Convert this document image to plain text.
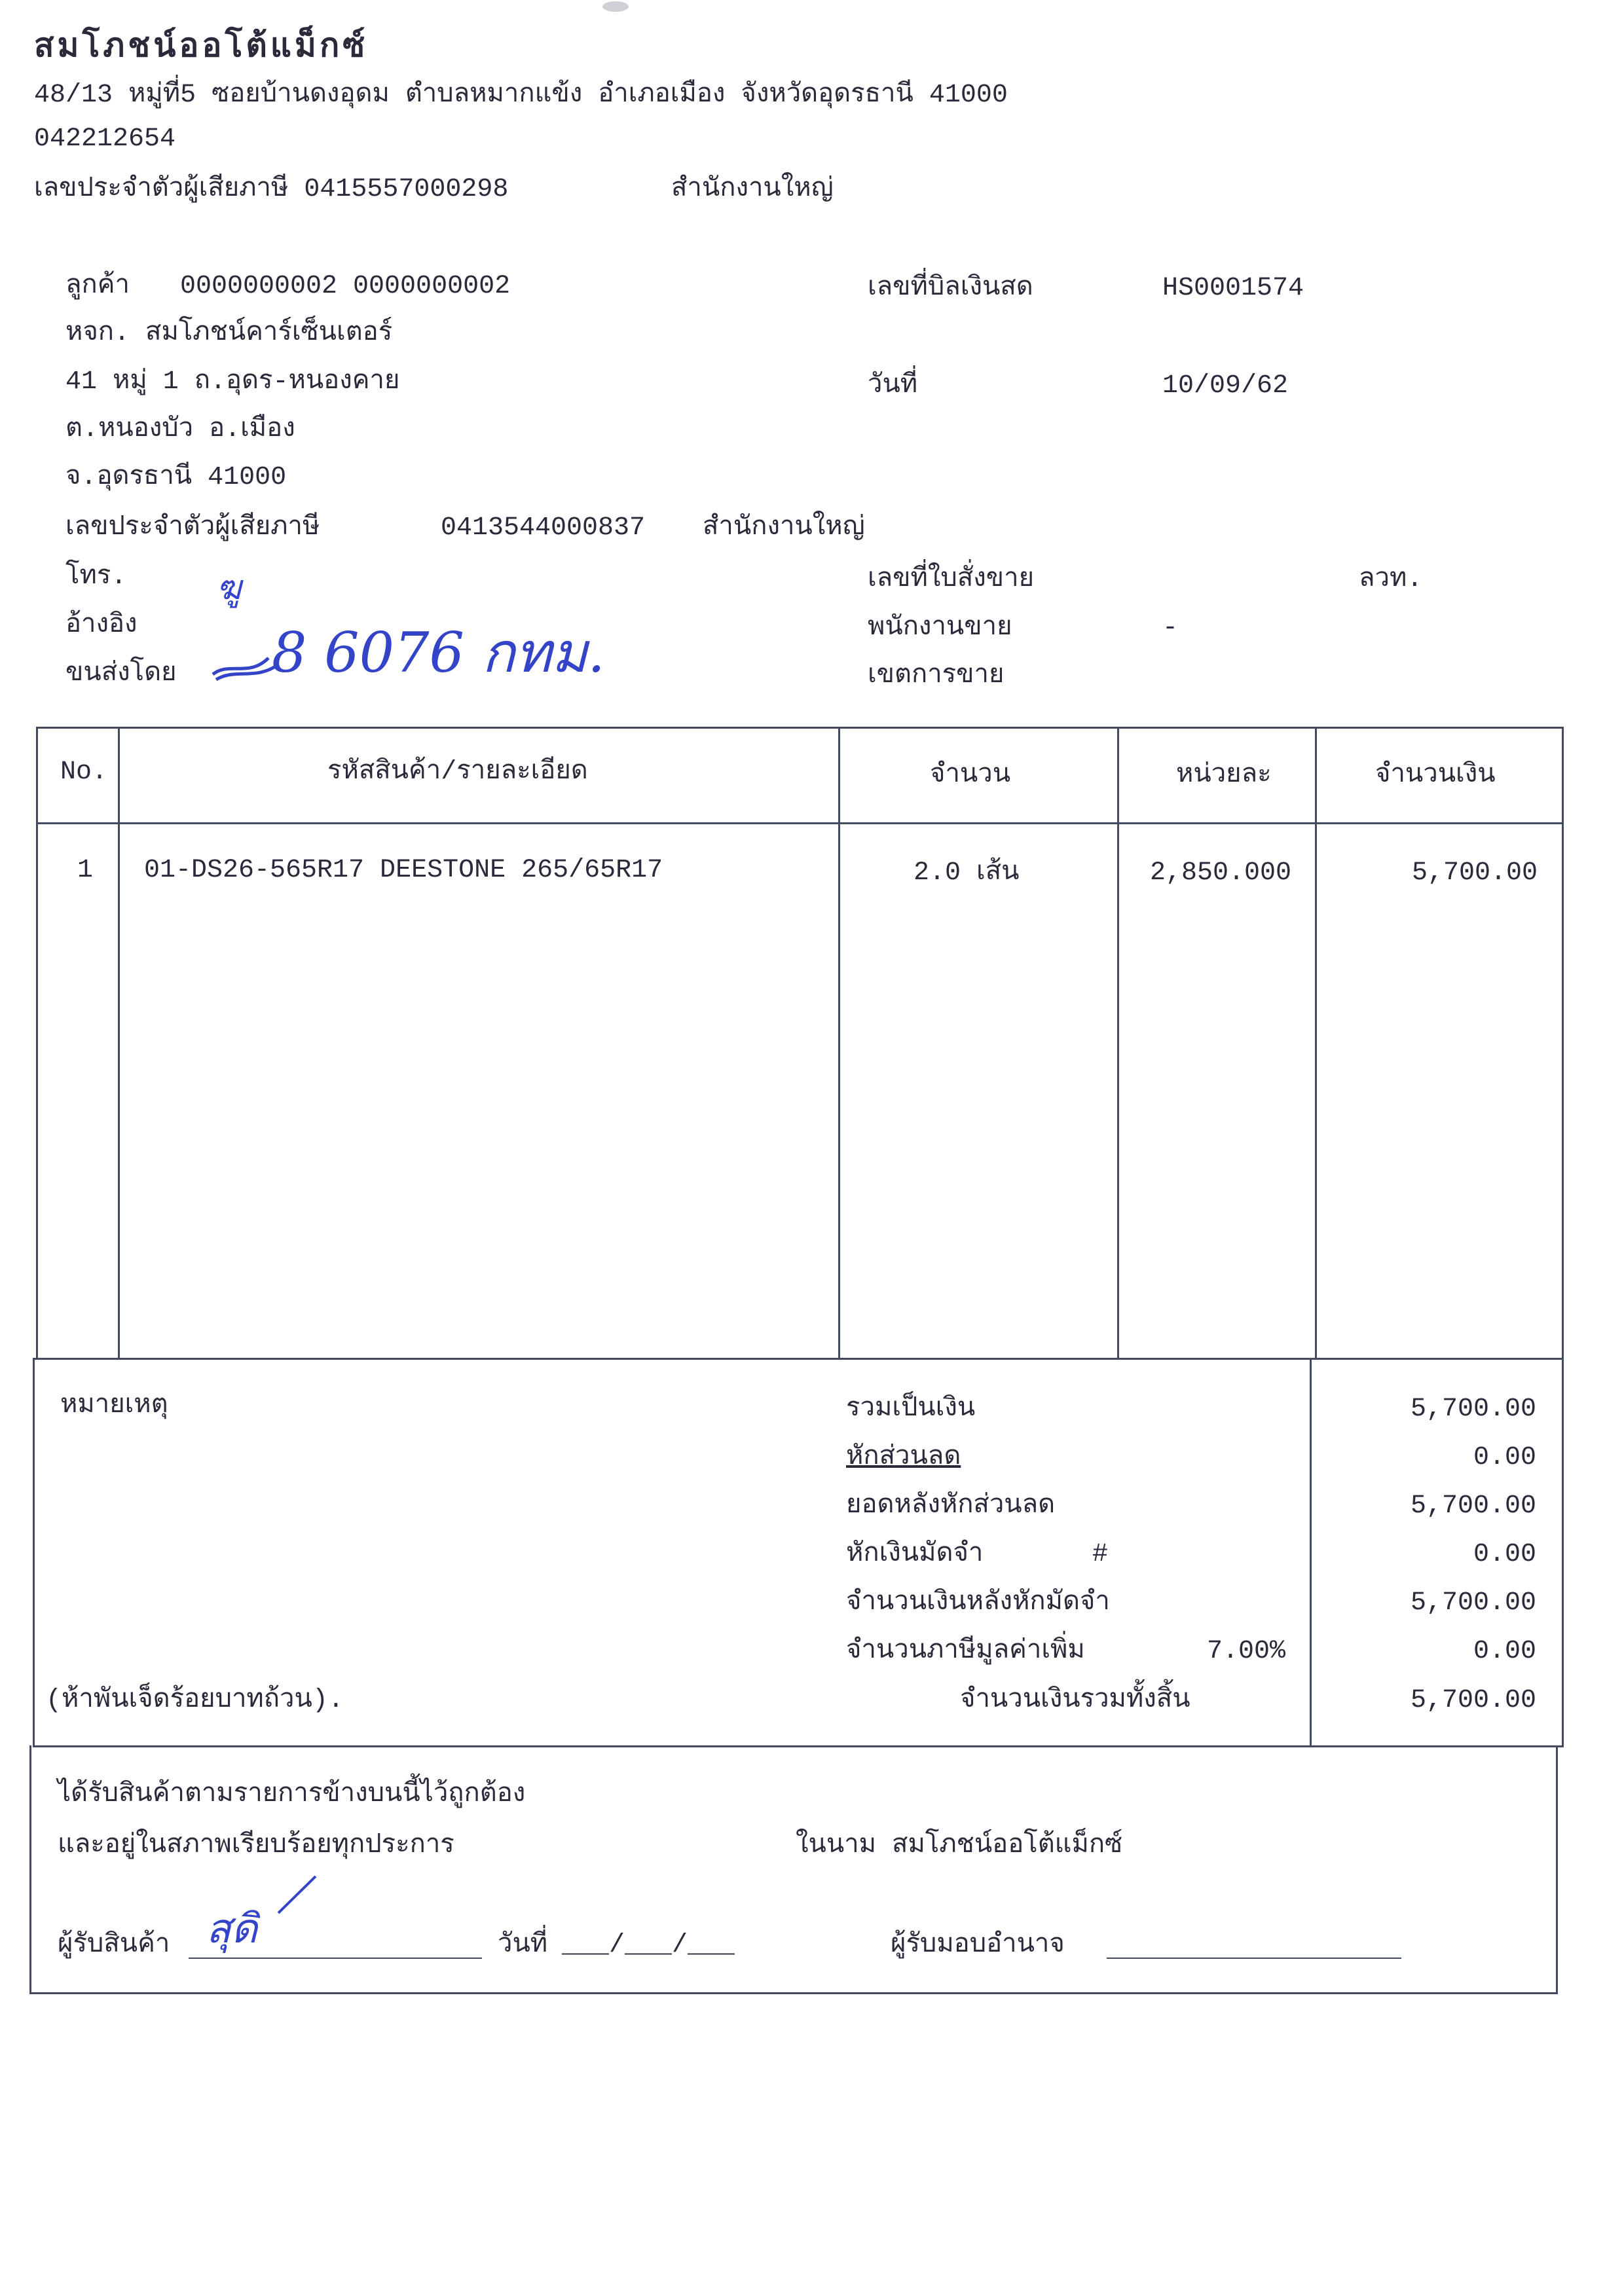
สมโภชน์ออโต้แม็กซ์
48/13 หมู่ที่5 ซอยบ้านดงอุดม ตำบลหมากแข้ง อำเภอเมือง จังหวัดอุดรธานี 41000
042212654
เลขประจำตัวผู้เสียภาษี 0415557000298	สำนักงานใหญ่
ลูกค้า 0000000002 0000000002
หจก. สมโภชน์คาร์เซ็นเตอร์
41 หมู่ 1 ถ.อุดร-หนองคาย
ต.หนองบัว อ.เมือง
จ.อุดรธานี 41000
เลขประจำตัวผู้เสียภาษี	0413544000837 สำนักงานใหญ่
โทร.
อ้างอิง
ขนส่งโดย
ฆู
8 6076 กทม.
เลขที่บิลเงินสด	HS0001574
วันที่	10/09/62
เลขที่ใบสั่งขาย	ลวท.
พนักงานขาย	-
เขตการขาย
No.	รหัสสินค้า/รายละเอียด	จำนวน	หน่วยละ	จำนวนเงิน
1 01-DS26-565R17 DEESTONE 265/65R17	2.0 เส้น	2,850.000	5,700.00
หมายเหตุ
(ห้าพันเจ็ดร้อยบาทถ้วน).
รวมเป็นเงิน	5,700.00
หักส่วนลด	0.00
ยอดหลังหักส่วนลด	5,700.00
หักเงินมัดจำ	#	0.00
จำนวนเงินหลังหักมัดจำ	5,700.00
จำนวนภาษีมูลค่าเพิ่ม	7.00%	0.00
จำนวนเงินรวมทั้งสิ้น	5,700.00
ได้รับสินค้าตามรายการข้างบนนี้ไว้ถูกต้อง
และอยู่ในสภาพเรียบร้อยทุกประการ	ในนาม สมโภชน์ออโต้แม็กซ์
ผู้รับสินค้า สุดิ	วันที่ ___/___/___	ผู้รับมอบอำนาจ
